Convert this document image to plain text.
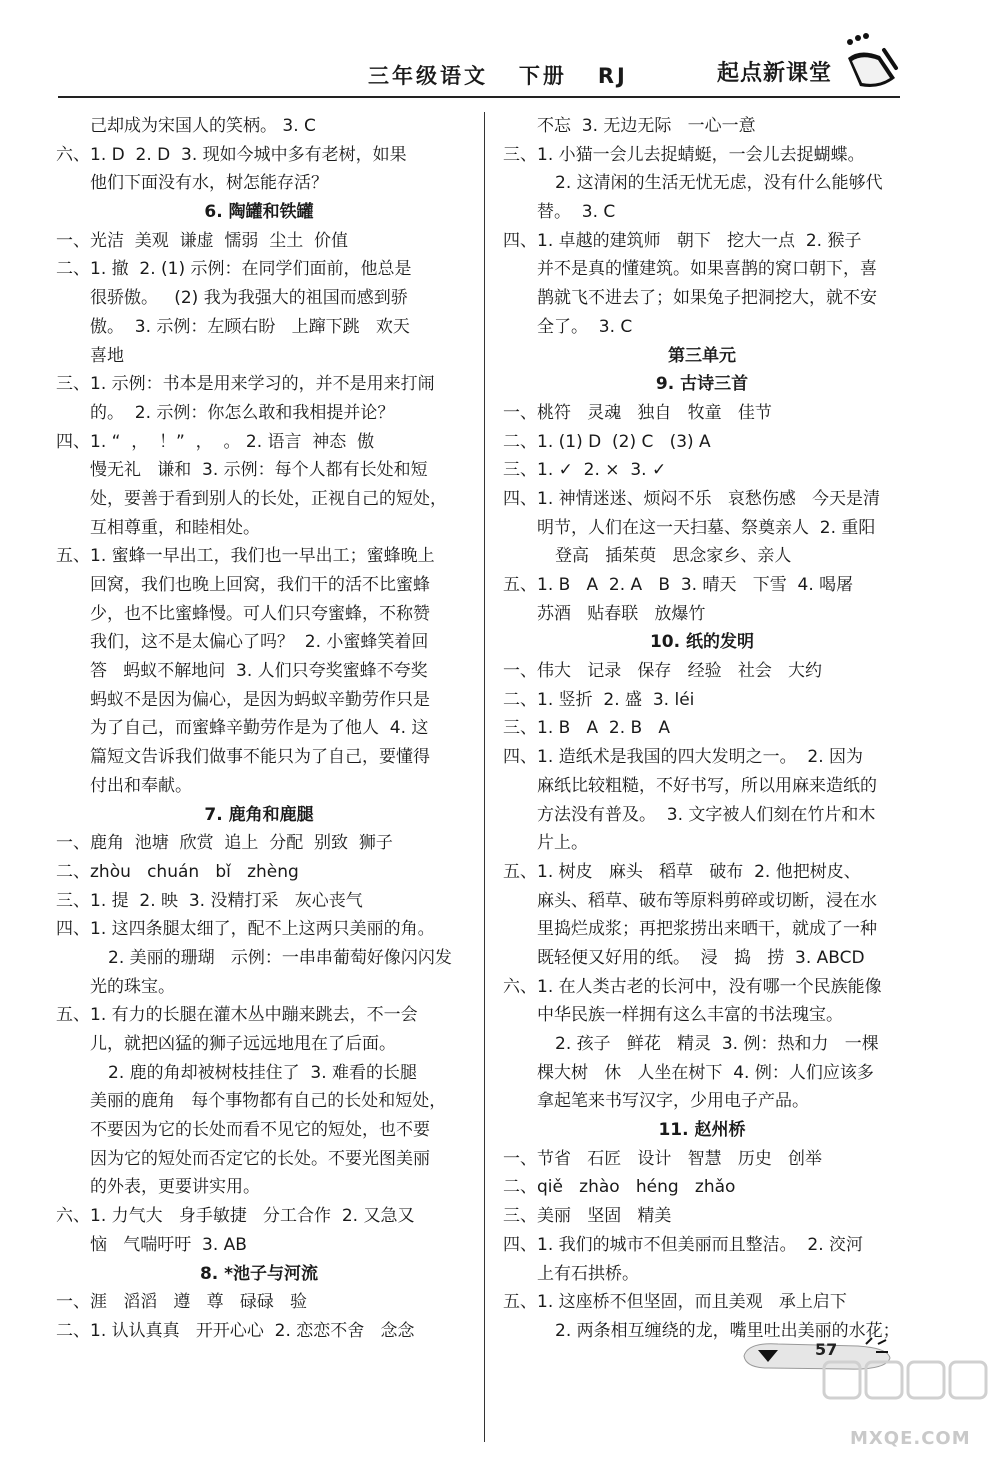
三年级语文   下册   RJ	起点新课堂
己却成为宋国人的笑柄。 3. C
六、1. D  2. D  3. 现如今城中多有老树，如果
他们下面没有水，树怎能存活？
6. 陶罐和铁罐
一、光洁  美观  谦虚  懦弱  尘土  价值
二、1. 撤  2. (1) 示例：在同学们面前，他总是
很骄傲。   (2) 我为我强大的祖国而感到骄
傲。  3. 示例：左顾右盼   上蹿下跳   欢天
喜地
三、1. 示例：书本是用来学习的，并不是用来打闹
的。  2. 示例：你怎么敢和我相提并论？
四、1. “  ，  ！”  ，  。 2. 语言  神态  傲
慢无礼   谦和  3. 示例：每个人都有长处和短
处，要善于看到别人的长处，正视自己的短处，
互相尊重，和睦相处。
五、1. 蜜蜂一早出工，我们也一早出工；蜜蜂晚上
回窝，我们也晚上回窝，我们干的活不比蜜蜂
少，也不比蜜蜂慢。可人们只夸蜜蜂，不称赞
我们，这不是太偏心了吗？  2. 小蜜蜂笑着回
答   蚂蚁不解地问  3. 人们只夸奖蜜蜂不夸奖
蚂蚁不是因为偏心，是因为蚂蚁辛勤劳作只是
为了自己，而蜜蜂辛勤劳作是为了他人  4. 这
篇短文告诉我们做事不能只为了自己，要懂得
付出和奉献。
7. 鹿角和鹿腿
一、鹿角  池塘  欣赏  追上  分配  别致  狮子
二、zhòu   chuán   bǐ   zhèng
三、1. 提  2. 映  3. 没精打采   灰心丧气
四、1. 这四条腿太细了，配不上这两只美丽的角。
2. 美丽的珊瑚   示例：一串串葡萄好像闪闪发
光的珠宝。
五、1. 有力的长腿在灌木丛中蹦来跳去，不一会
儿，就把凶猛的狮子远远地甩在了后面。
2. 鹿的角却被树枝挂住了  3. 难看的长腿
美丽的鹿角   每个事物都有自己的长处和短处，
不要因为它的长处而看不见它的短处，也不要
因为它的短处而否定它的长处。不要光图美丽
的外表，更要讲实用。
六、1. 力气大   身手敏捷   分工合作  2. 又急又
恼   气喘吁吁  3. AB
8. *池子与河流
一、涯   滔滔   遵   尊   碌碌   验
二、1. 认认真真   开开心心  2. 恋恋不舍   念念
不忘  3. 无边无际   一心一意
三、1. 小猫一会儿去捉蜻蜓，一会儿去捉蝴蝶。
2. 这清闲的生活无忧无虑，没有什么能够代
替。  3. C
四、1. 卓越的建筑师   朝下   挖大一点  2. 猴子
并不是真的懂建筑。如果喜鹊的窝口朝下，喜
鹊就飞不进去了；如果兔子把洞挖大，就不安
全了。  3. C
第三单元
9. 古诗三首
一、桃符   灵魂   独自   牧童   佳节
二、1. (1) D  (2) C   (3) A
三、1. ✓  2. ×  3. ✓
四、1. 神情迷迷、烦闷不乐   哀愁伤感   今天是清
明节，人们在这一天扫墓、祭奠亲人  2. 重阳
登高   插茱萸   思念家乡、亲人
五、1. B   A  2. A   B  3. 晴天   下雪  4. 喝屠
苏酒   贴春联   放爆竹
10. 纸的发明
一、伟大   记录   保存   经验   社会   大约
二、1. 竖折  2. 盛  3. léi
三、1. B   A  2. B   A
四、1. 造纸术是我国的四大发明之一。  2. 因为
麻纸比较粗糙，不好书写，所以用麻来造纸的
方法没有普及。  3. 文字被人们刻在竹片和木
片上。
五、1. 树皮   麻头   稻草   破布  2. 他把树皮、
麻头、稻草、破布等原料剪碎或切断，浸在水
里捣烂成浆；再把浆捞出来晒干，就成了一种
既轻便又好用的纸。  浸   捣   捞  3. ABCD
六、1. 在人类古老的长河中，没有哪一个民族能像
中华民族一样拥有这么丰富的书法瑰宝。
2. 孩子   鲜花   精灵  3. 例：热和力   一棵
棵大树   休   人坐在树下  4. 例：人们应该多
拿起笔来书写汉字，少用电子产品。
11. 赵州桥
一、节省   石匠   设计   智慧   历史   创举
二、qiě   zhào   héng   zhǎo
三、美丽   坚固   精美
四、1. 我们的城市不但美丽而且整洁。  2. 洨河
上有石拱桥。
五、1. 这座桥不但坚固，而且美观   承上启下
2. 两条相互缠绕的龙，嘴里吐出美丽的水花；
57
MXQE.COM
